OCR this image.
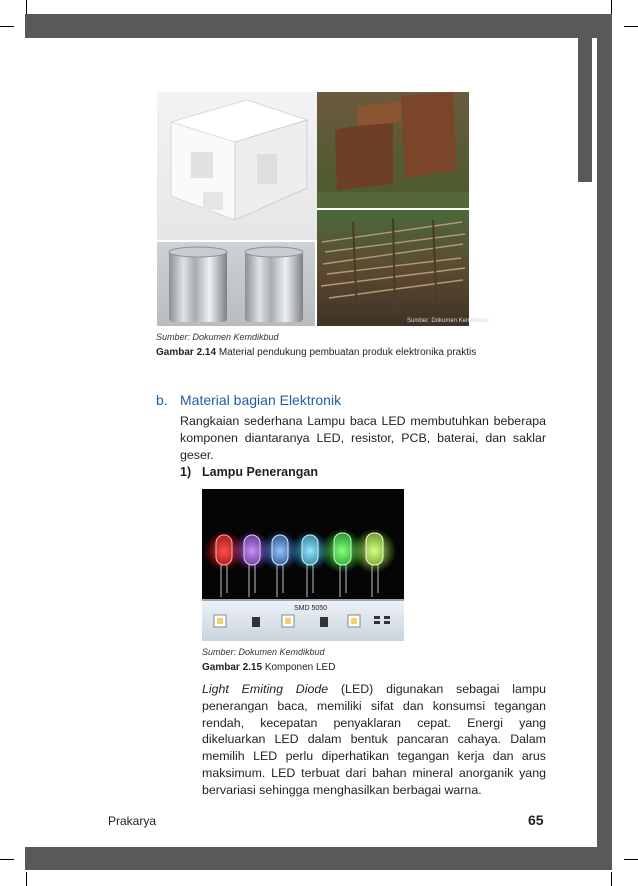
Sumber: Dokumen Kemdikbud
Sumber: Dokumen Kemdikbud
Gambar 2.14 Material pendukung pembuatan produk elektronika praktis
b. Material bagian Elektronik
Rangkaian sederhana Lampu baca LED membutuhkan beberapa komponen diantaranya LED, resistor, PCB, baterai, dan saklar geser.
1) Lampu Penerangan
SMD 5050
Sumber: Dokumen Kemdikbud
Gambar 2.15 Komponen LED
Light Emiting Diode (LED) digunakan sebagai lampu penerangan baca, memiliki sifat dan konsumsi tegangan rendah, kecepatan penyaklaran cepat. Energi yang dikeluarkan LED dalam bentuk pancaran cahaya. Dalam memilih LED perlu diperhatikan tegangan kerja dan arus maksimum. LED terbuat dari bahan mineral anorganik yang bervariasi sehingga menghasilkan berbagai warna.
Prakarya	65
